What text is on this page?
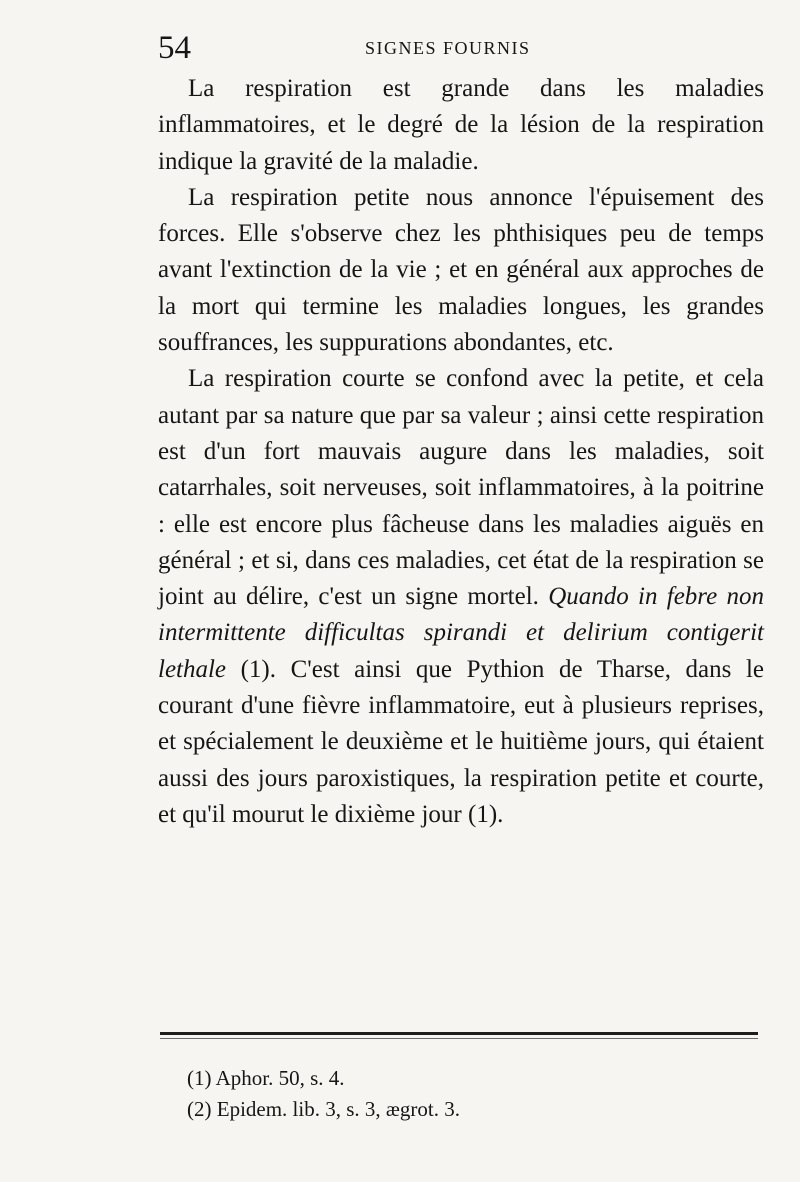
54	SIGNES FOURNIS

La respiration est grande dans les maladies inflammatoires, et le degré de la lésion de la respiration indique la gravité de la maladie.

La respiration petite nous annonce l'épuisement des forces. Elle s'observe chez les phthisiques peu de temps avant l'extinction de la vie ; et en général aux approches de la mort qui termine les maladies longues, les grandes souffrances, les suppurations abondantes, etc.

La respiration courte se confond avec la petite, et cela autant par sa nature que par sa valeur ; ainsi cette respiration est d'un fort mauvais augure dans les maladies, soit catarrhales, soit nerveuses, soit inflammatoires, à la poitrine : elle est encore plus fâcheuse dans les maladies aiguës en général ; et si, dans ces maladies, cet état de la respiration se joint au délire, c'est un signe mortel. Quando in febre non intermittente difficultas spirandi et delirium contigerit lethale (1). C'est ainsi que Pythion de Tharse, dans le courant d'une fièvre inflammatoire, eut à plusieurs reprises, et spécialement le deuxième et le huitième jours, qui étaient aussi des jours paroxistiques, la respiration petite et courte, et qu'il mourut le dixième jour (1).

(1) Aphor. 50, s. 4.
(2) Epidem. lib. 3, s. 3, ægrot. 3.
